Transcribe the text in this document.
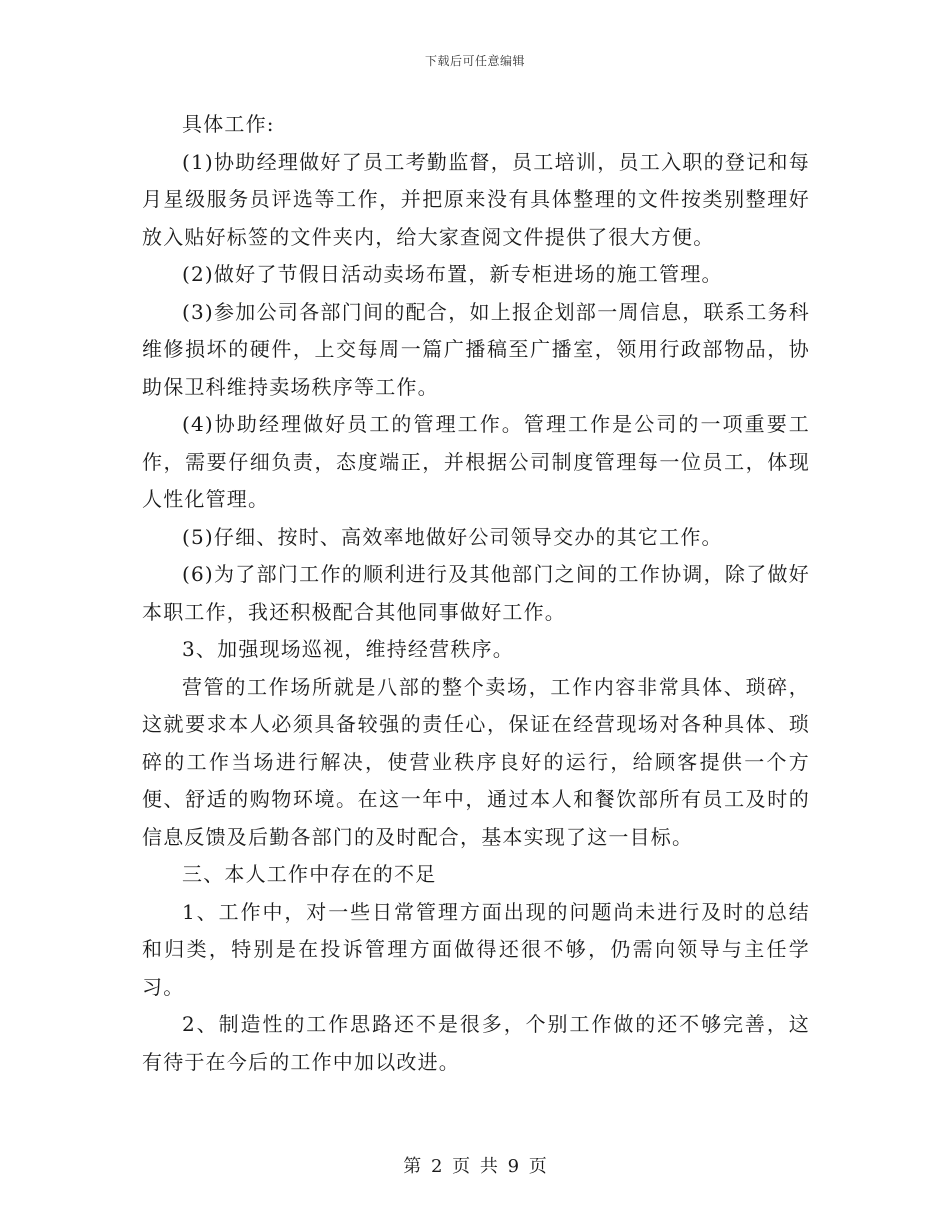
下载后可任意编辑

具体工作:

(1)协助经理做好了员工考勤监督，员工培训，员工入职的登记和每月星级服务员评选等工作，并把原来没有具体整理的文件按类别整理好放入贴好标签的文件夹内，给大家查阅文件提供了很大方便。

(2)做好了节假日活动卖场布置，新专柜进场的施工管理。

(3)参加公司各部门间的配合，如上报企划部一周信息，联系工务科维修损坏的硬件，上交每周一篇广播稿至广播室，领用行政部物品，协助保卫科维持卖场秩序等工作。

(4)协助经理做好员工的管理工作。管理工作是公司的一项重要工作，需要仔细负责，态度端正，并根据公司制度管理每一位员工，体现人性化管理。

(5)仔细、按时、高效率地做好公司领导交办的其它工作。

(6)为了部门工作的顺利进行及其他部门之间的工作协调，除了做好本职工作，我还积极配合其他同事做好工作。

3、加强现场巡视，维持经营秩序。

营管的工作场所就是八部的整个卖场，工作内容非常具体、琐碎，这就要求本人必须具备较强的责任心，保证在经营现场对各种具体、琐碎的工作当场进行解决，使营业秩序良好的运行，给顾客提供一个方便、舒适的购物环境。在这一年中，通过本人和餐饮部所有员工及时的信息反馈及后勤各部门的及时配合，基本实现了这一目标。

三、本人工作中存在的不足

1、工作中，对一些日常管理方面出现的问题尚未进行及时的总结和归类，特别是在投诉管理方面做得还很不够，仍需向领导与主任学习。

2、制造性的工作思路还不是很多，个别工作做的还不够完善，这有待于在今后的工作中加以改进。

第 2 页 共 9 页
